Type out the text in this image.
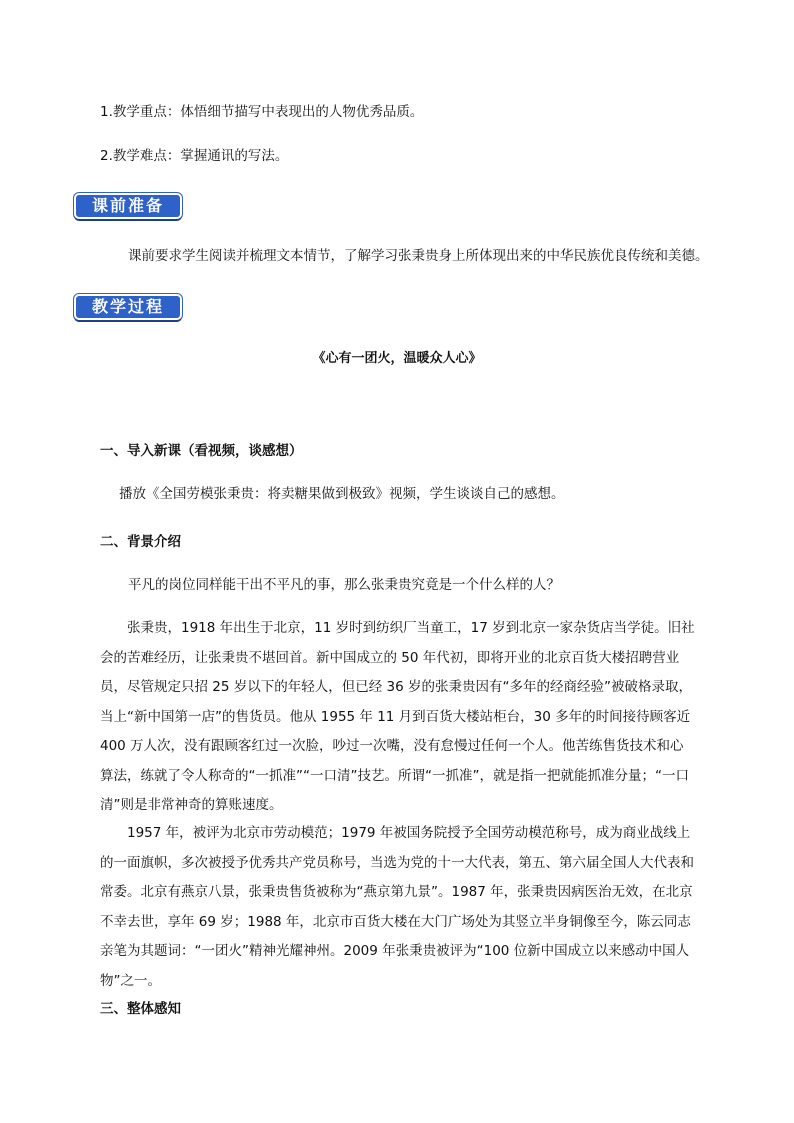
1.教学重点：体悟细节描写中表现出的人物优秀品质。
2.教学难点：掌握通讯的写法。
课前准备
课前要求学生阅读并梳理文本情节，了解学习张秉贵身上所体现出来的中华民族优良传统和美德。
教学过程
《心有一团火，温暖众人心》
一、导入新课（看视频，谈感想）
播放《全国劳模张秉贵：将卖糖果做到极致》视频，学生谈谈自己的感想。
二、背景介绍
平凡的岗位同样能干出不平凡的事，那么张秉贵究竟是一个什么样的人？
张秉贵，1918 年出生于北京，11 岁时到纺织厂当童工，17 岁到北京一家杂货店当学徒。旧社会的苦难经历，让张秉贵不堪回首。新中国成立的 50 年代初，即将开业的北京百货大楼招聘营业员，尽管规定只招 25 岁以下的年轻人，但已经 36 岁的张秉贵因有“多年的经商经验”被破格录取，当上“新中国第一店”的售货员。他从 1955 年 11 月到百货大楼站柜台，30 多年的时间接待顾客近 400 万人次，没有跟顾客红过一次脸，吵过一次嘴，没有怠慢过任何一个人。他苦练售货技术和心算法，练就了令人称奇的“一抓准”“一口清”技艺。所谓“一抓准”，就是指一把就能抓准分量；“一口清”则是非常神奇的算账速度。
1957 年，被评为北京市劳动模范；1979 年被国务院授予全国劳动模范称号，成为商业战线上的一面旗帜，多次被授予优秀共产党员称号，当选为党的十一大代表，第五、第六届全国人大代表和常委。北京有燕京八景，张秉贵售货被称为“燕京第九景”。1987 年，张秉贵因病医治无效，在北京不幸去世，享年 69 岁；1988 年，北京市百货大楼在大门广场处为其竖立半身铜像至今，陈云同志亲笔为其题词：“一团火”精神光耀神州。2009 年张秉贵被评为“100 位新中国成立以来感动中国人物”之一。
三、整体感知
